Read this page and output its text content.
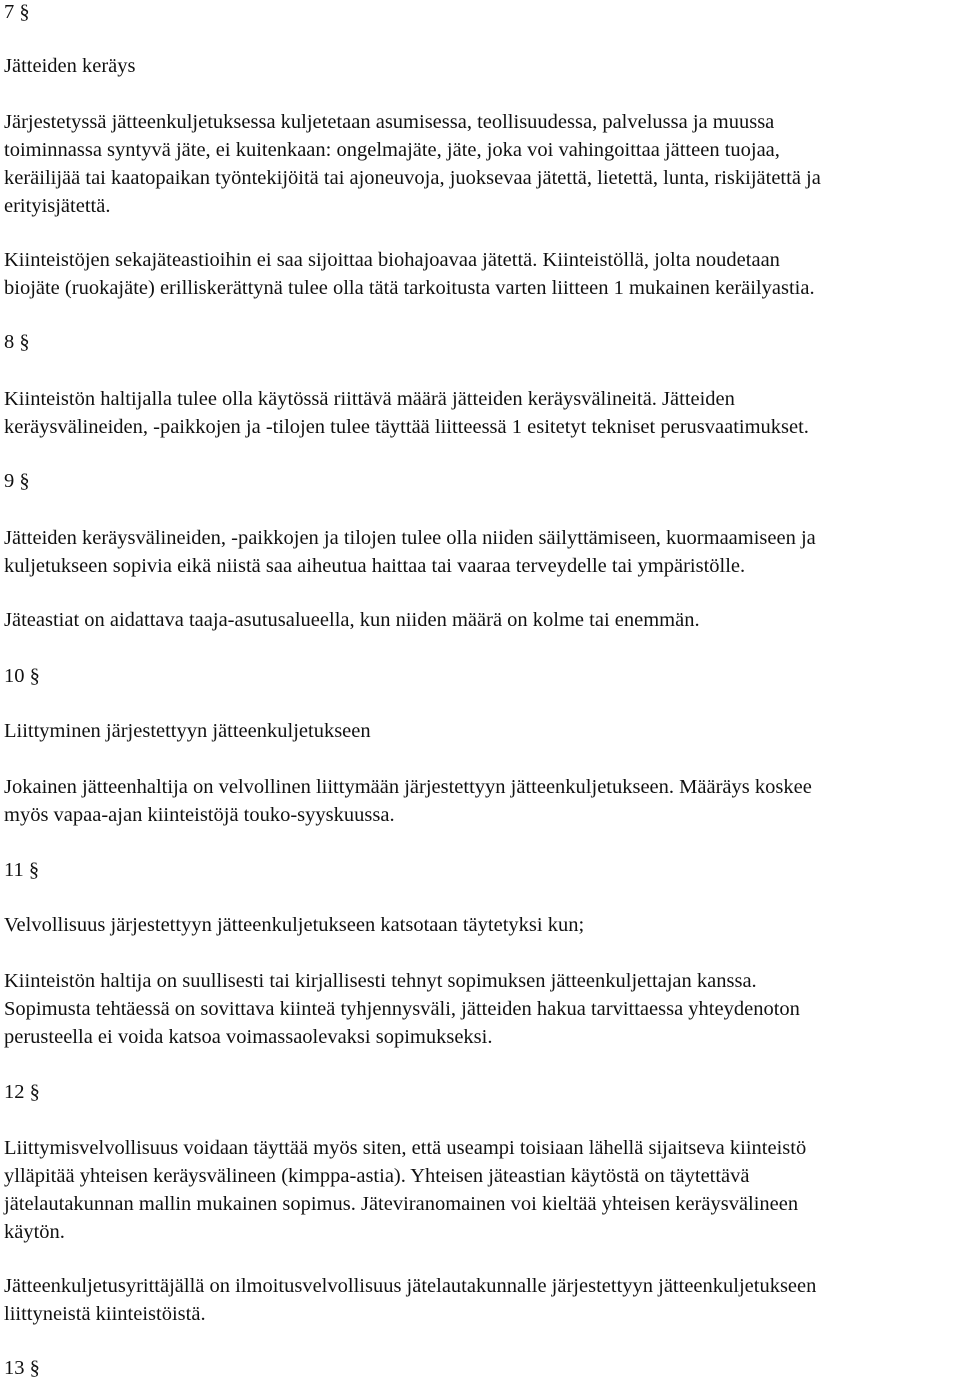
7 §
Jätteiden keräys
Järjestetyssä jätteenkuljetuksessa kuljetetaan asumisessa, teollisuudessa, palvelussa ja muussa
toiminnassa syntyvä jäte, ei kuitenkaan: ongelmajäte, jäte, joka voi vahingoittaa jätteen tuojaa,
keräilijää tai kaatopaikan työntekijöitä tai ajoneuvoja, juoksevaa jätettä, lietettä, lunta, riskijätettä ja
erityisjätettä.
Kiinteistöjen sekajäteastioihin ei saa sijoittaa biohajoavaa jätettä. Kiinteistöllä, jolta noudetaan
biojäte (ruokajäte) erilliskerättynä tulee olla tätä tarkoitusta varten liitteen 1 mukainen keräilyastia.
8 §
Kiinteistön haltijalla tulee olla käytössä riittävä määrä jätteiden keräysvälineitä. Jätteiden
keräysvälineiden, -paikkojen ja -tilojen tulee täyttää liitteessä 1 esitetyt tekniset perusvaatimukset.
9 §
Jätteiden keräysvälineiden, -paikkojen ja tilojen tulee olla niiden säilyttämiseen, kuormaamiseen ja
kuljetukseen sopivia eikä niistä saa aiheutua haittaa tai vaaraa terveydelle tai ympäristölle.
Jäteastiat on aidattava taaja-asutusalueella, kun niiden määrä on kolme tai enemmän.
10 §
Liittyminen järjestettyyn jätteenkuljetukseen
Jokainen jätteenhaltija on velvollinen liittymään järjestettyyn jätteenkuljetukseen. Määräys koskee
myös vapaa-ajan kiinteistöjä touko-syyskuussa.
11 §
Velvollisuus järjestettyyn jätteenkuljetukseen katsotaan täytetyksi kun;
Kiinteistön haltija on suullisesti tai kirjallisesti tehnyt sopimuksen jätteenkuljettajan kanssa.
Sopimusta tehtäessä on sovittava kiinteä tyhjennysväli, jätteiden hakua tarvittaessa yhteydenoton
perusteella ei voida katsoa voimassaolevaksi sopimukseksi.
12 §
Liittymisvelvollisuus voidaan täyttää myös siten, että useampi toisiaan lähellä sijaitseva kiinteistö
ylläpitää yhteisen keräysvälineen (kimppa-astia). Yhteisen jäteastian käytöstä on täytettävä
jätelautakunnan mallin mukainen sopimus. Jäteviranomainen voi kieltää yhteisen keräysvälineen
käytön.
Jätteenkuljetusyrittäjällä on ilmoitusvelvollisuus jätelautakunnalle järjestettyyn jätteenkuljetukseen
liittyneistä kiinteistöistä.
13 §
